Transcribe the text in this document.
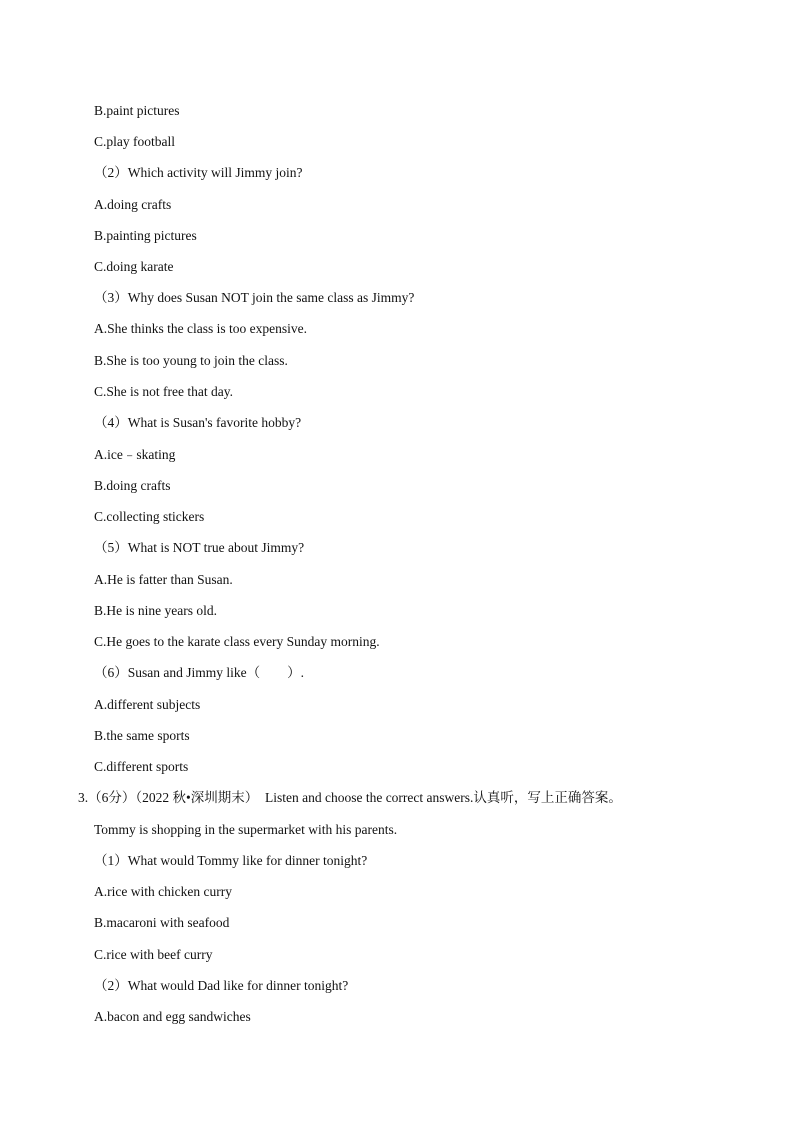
B.paint pictures
C.play football
（2）Which activity will Jimmy join?
A.doing crafts
B.painting pictures
C.doing karate
（3）Why does Susan NOT join the same class as Jimmy?
A.She thinks the class is too expensive.
B.She is too young to join the class.
C.She is not free that day.
（4）What is Susan's favorite hobby?
A.ice﹣skating
B.doing crafts
C.collecting stickers
（5）What is NOT true about Jimmy?
A.He is fatter than Susan.
B.He is nine years old.
C.He goes to the karate class every Sunday morning.
（6）Susan and Jimmy like（　　）.
A.different subjects
B.the same sports
C.different sports
3.（6分）（2022 秋•深圳期末）　Listen and choose the correct answers.认真听，写上正确答案。
Tommy is shopping in the supermarket with his parents.
（1）What would Tommy like for dinner tonight?
A.rice with chicken curry
B.macaroni with seafood
C.rice with beef curry
（2）What would Dad like for dinner tonight?
A.bacon and egg sandwiches
